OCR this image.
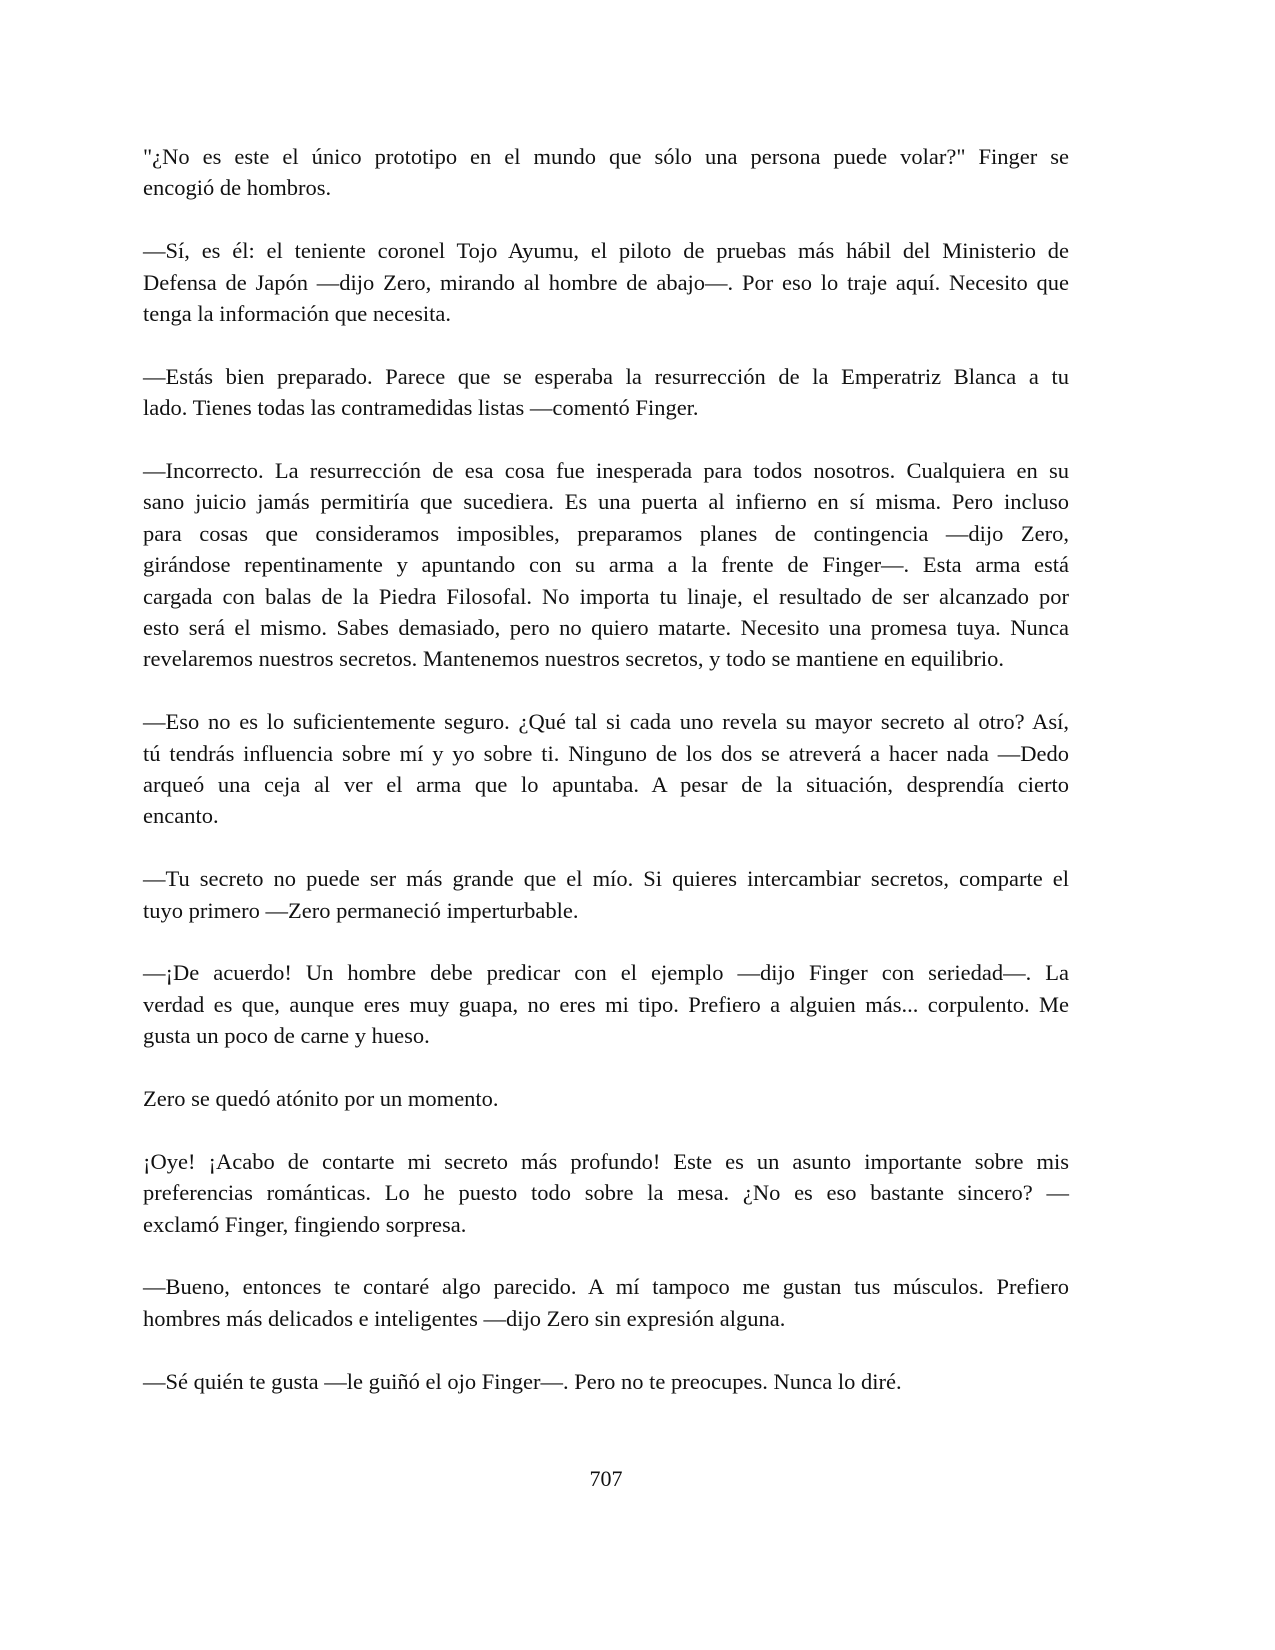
"¿No es este el único prototipo en el mundo que sólo una persona puede volar?" Finger se
encogió de hombros.
—Sí, es él: el teniente coronel Tojo Ayumu, el piloto de pruebas más hábil del Ministerio de
Defensa de Japón —dijo Zero, mirando al hombre de abajo—. Por eso lo traje aquí. Necesito que
tenga la información que necesita.
—Estás bien preparado. Parece que se esperaba la resurrección de la Emperatriz Blanca a tu
lado. Tienes todas las contramedidas listas —comentó Finger.
—Incorrecto. La resurrección de esa cosa fue inesperada para todos nosotros. Cualquiera en su
sano juicio jamás permitiría que sucediera. Es una puerta al infierno en sí misma. Pero incluso
para cosas que consideramos imposibles, preparamos planes de contingencia —dijo Zero,
girándose repentinamente y apuntando con su arma a la frente de Finger—. Esta arma está
cargada con balas de la Piedra Filosofal. No importa tu linaje, el resultado de ser alcanzado por
esto será el mismo. Sabes demasiado, pero no quiero matarte. Necesito una promesa tuya. Nunca
revelaremos nuestros secretos. Mantenemos nuestros secretos, y todo se mantiene en equilibrio.
—Eso no es lo suficientemente seguro. ¿Qué tal si cada uno revela su mayor secreto al otro? Así,
tú tendrás influencia sobre mí y yo sobre ti. Ninguno de los dos se atreverá a hacer nada —Dedo
arqueó una ceja al ver el arma que lo apuntaba. A pesar de la situación, desprendía cierto
encanto.
—Tu secreto no puede ser más grande que el mío. Si quieres intercambiar secretos, comparte el
tuyo primero —Zero permaneció imperturbable.
—¡De acuerdo! Un hombre debe predicar con el ejemplo —dijo Finger con seriedad—. La
verdad es que, aunque eres muy guapa, no eres mi tipo. Prefiero a alguien más... corpulento. Me
gusta un poco de carne y hueso.
Zero se quedó atónito por un momento.
¡Oye! ¡Acabo de contarte mi secreto más profundo! Este es un asunto importante sobre mis
preferencias románticas. Lo he puesto todo sobre la mesa. ¿No es eso bastante sincero? —
exclamó Finger, fingiendo sorpresa.
—Bueno, entonces te contaré algo parecido. A mí tampoco me gustan tus músculos. Prefiero
hombres más delicados e inteligentes —dijo Zero sin expresión alguna.
—Sé quién te gusta —le guiñó el ojo Finger—. Pero no te preocupes. Nunca lo diré.
707
